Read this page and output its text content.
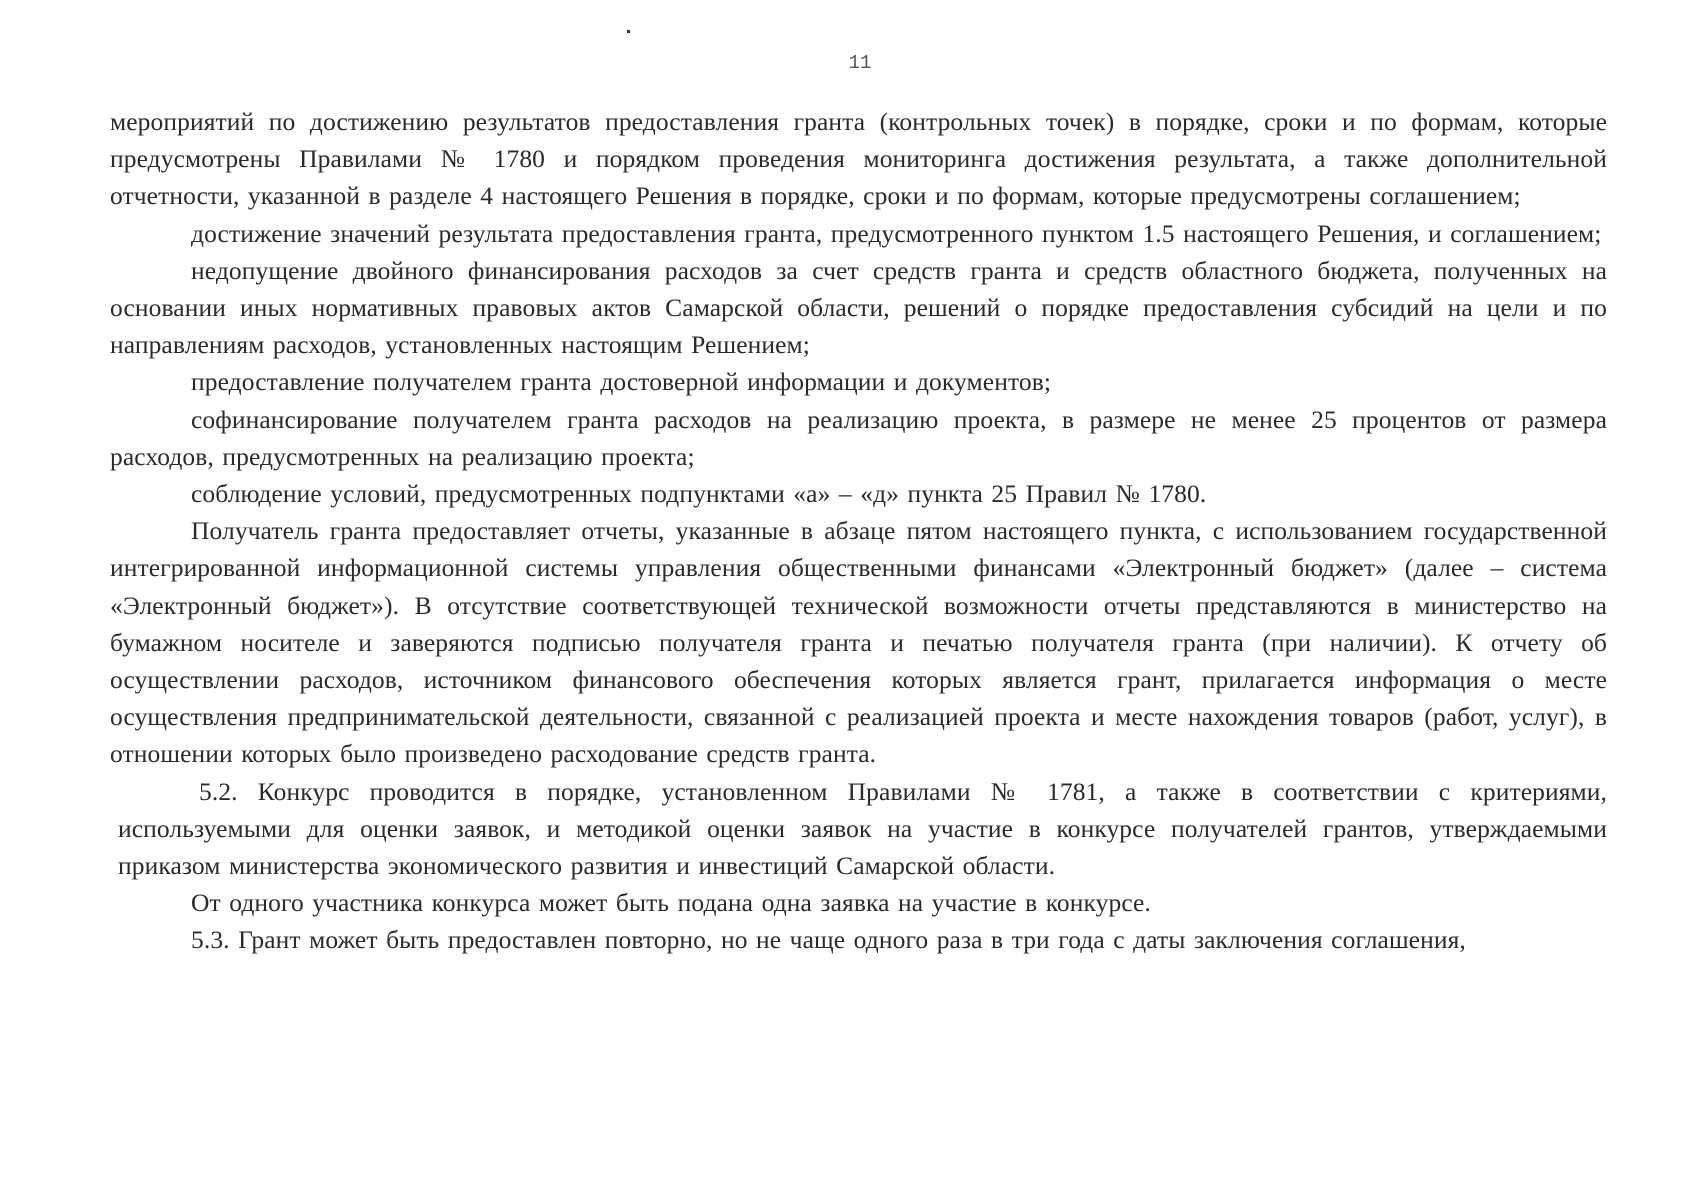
11

мероприятий по достижению результатов предоставления гранта (контрольных точек) в порядке, сроки и по формам, которые предусмотрены Правилами № 1780 и порядком проведения мониторинга достижения результата, а также дополнительной отчетности, указанной в разделе 4 настоящего Решения в порядке, сроки и по формам, которые предусмотрены соглашением;

достижение значений результата предоставления гранта, предусмотренного пунктом 1.5 настоящего Решения, и соглашением;

недопущение двойного финансирования расходов за счет средств гранта и средств областного бюджета, полученных на основании иных нормативных правовых актов Самарской области, решений о порядке предоставления субсидий на цели и по направлениям расходов, установленных настоящим Решением;

предоставление получателем гранта достоверной информации и документов;

софинансирование получателем гранта расходов на реализацию проекта, в размере не менее 25 процентов от размера расходов, предусмотренных на реализацию проекта;

соблюдение условий, предусмотренных подпунктами «а» – «д» пункта 25 Правил № 1780.

Получатель гранта предоставляет отчеты, указанные в абзаце пятом настоящего пункта, с использованием государственной интегрированной информационной системы управления общественными финансами «Электронный бюджет» (далее – система «Электронный бюджет»). В отсутствие соответствующей технической возможности отчеты представляются в министерство на бумажном носителе и заверяются подписью получателя гранта и печатью получателя гранта (при наличии). К отчету об осуществлении расходов, источником финансового обеспечения которых является грант, прилагается информация о месте осуществления предпринимательской деятельности, связанной с реализацией проекта и месте нахождения товаров (работ, услуг), в отношении которых было произведено расходование средств гранта.

5.2. Конкурс проводится в порядке, установленном Правилами № 1781, а также в соответствии с критериями, используемыми для оценки заявок, и методикой оценки заявок на участие в конкурсе получателей грантов, утверждаемыми приказом министерства экономического развития и инвестиций Самарской области.

От одного участника конкурса может быть подана одна заявка на участие в конкурсе.

5.3. Грант может быть предоставлен повторно, но не чаще одного раза в три года с даты заключения соглашения,
